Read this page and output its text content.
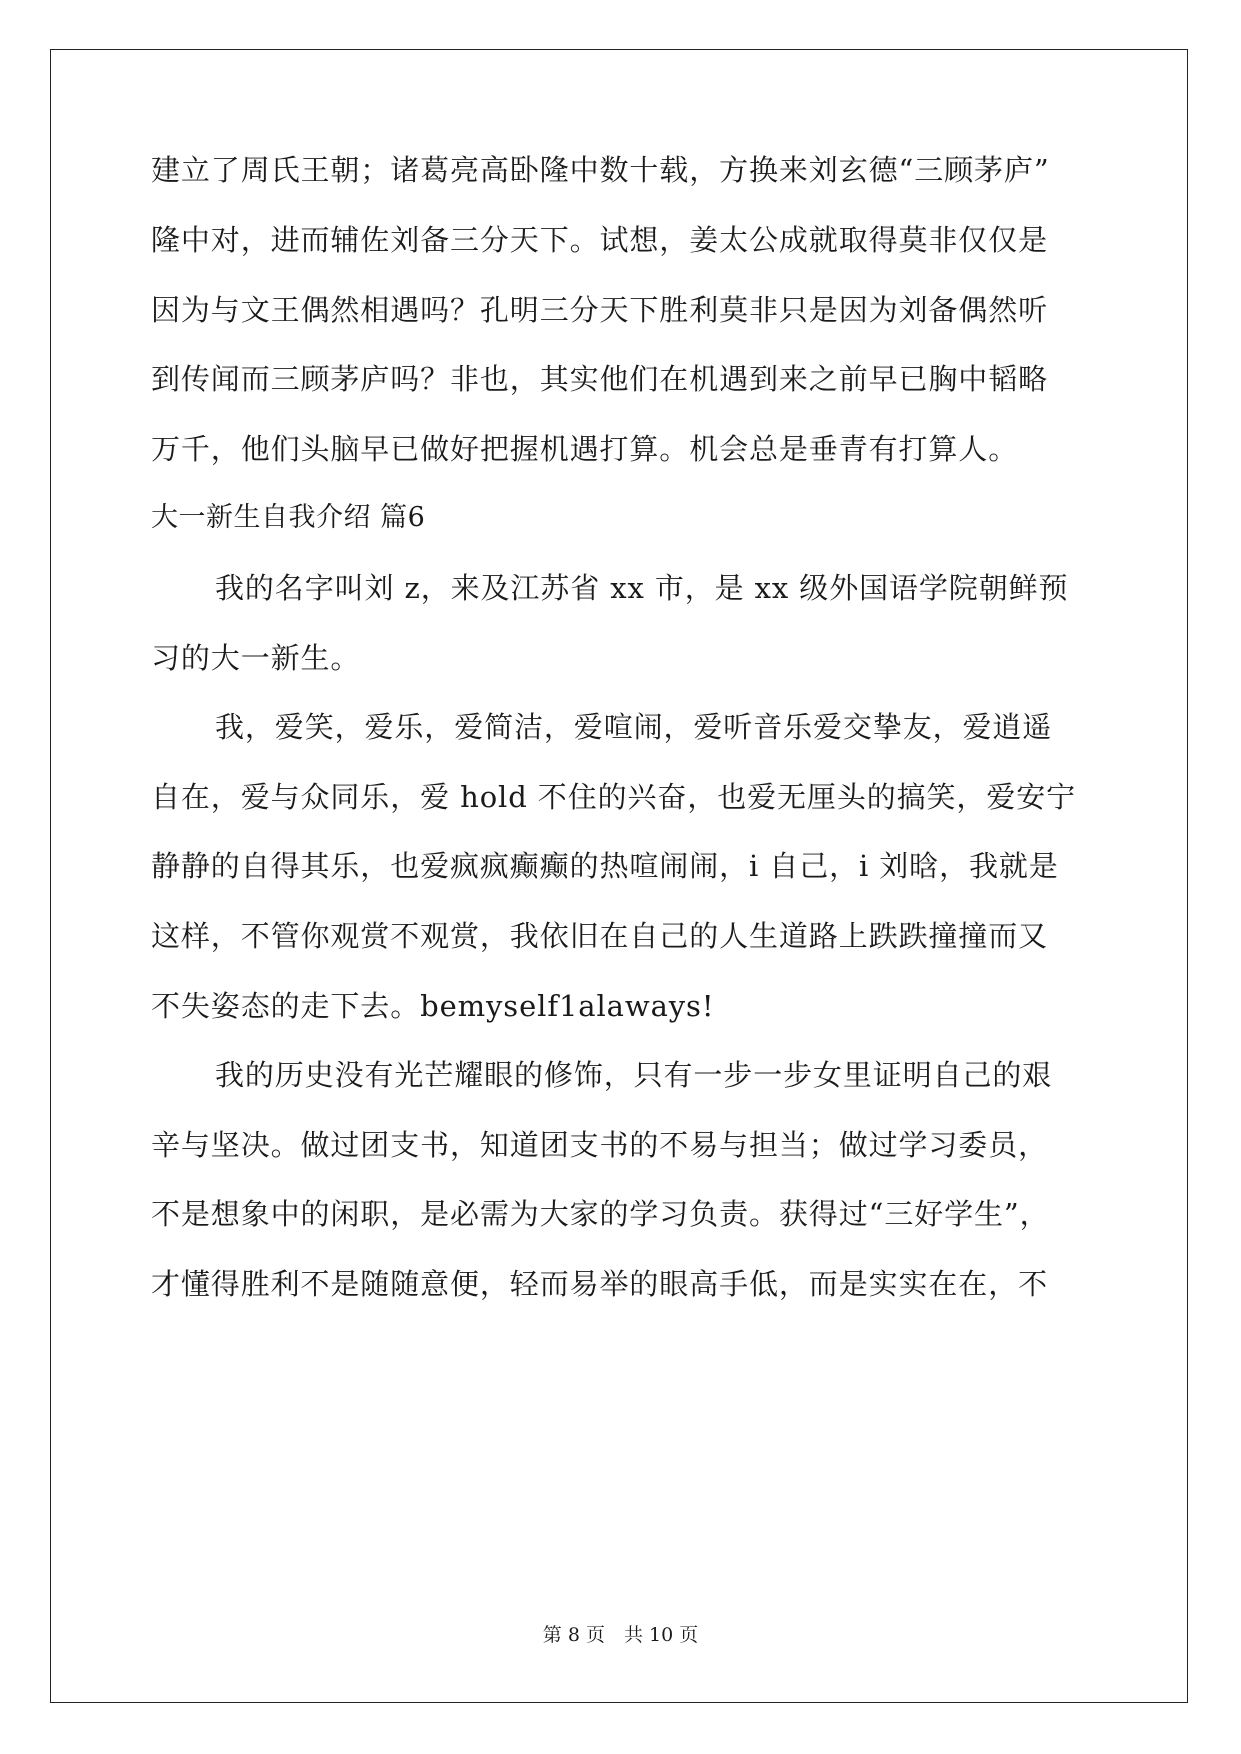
建立了周氏王朝；诸葛亮高卧隆中数十载，方换来刘玄德“三顾茅庐”
隆中对，进而辅佐刘备三分天下。试想，姜太公成就取得莫非仅仅是
因为与文王偶然相遇吗？孔明三分天下胜利莫非只是因为刘备偶然听
到传闻而三顾茅庐吗？非也，其实他们在机遇到来之前早已胸中韬略
万千，他们头脑早已做好把握机遇打算。机会总是垂青有打算人。
大一新生自我介绍 篇6
我的名字叫刘 z，来及江苏省 xx 市，是 xx 级外国语学院朝鲜预
习的大一新生。
我，爱笑，爱乐，爱简洁，爱喧闹，爱听音乐爱交挚友，爱逍遥
自在，爱与众同乐，爱 hold 不住的兴奋，也爱无厘头的搞笑，爱安宁
静静的自得其乐，也爱疯疯癫癫的热喧闹闹，i 自己，i 刘晗，我就是
这样，不管你观赏不观赏，我依旧在自己的人生道路上跌跌撞撞而又
不失姿态的走下去。bemyself1alaways!
我的历史没有光芒耀眼的修饰，只有一步一步女里证明自己的艰
辛与坚决。做过团支书，知道团支书的不易与担当；做过学习委员，
不是想象中的闲职，是必需为大家的学习负责。获得过“三好学生”，
才懂得胜利不是随随意便，轻而易举的眼高手低，而是实实在在，不
第 8 页　共 10 页
